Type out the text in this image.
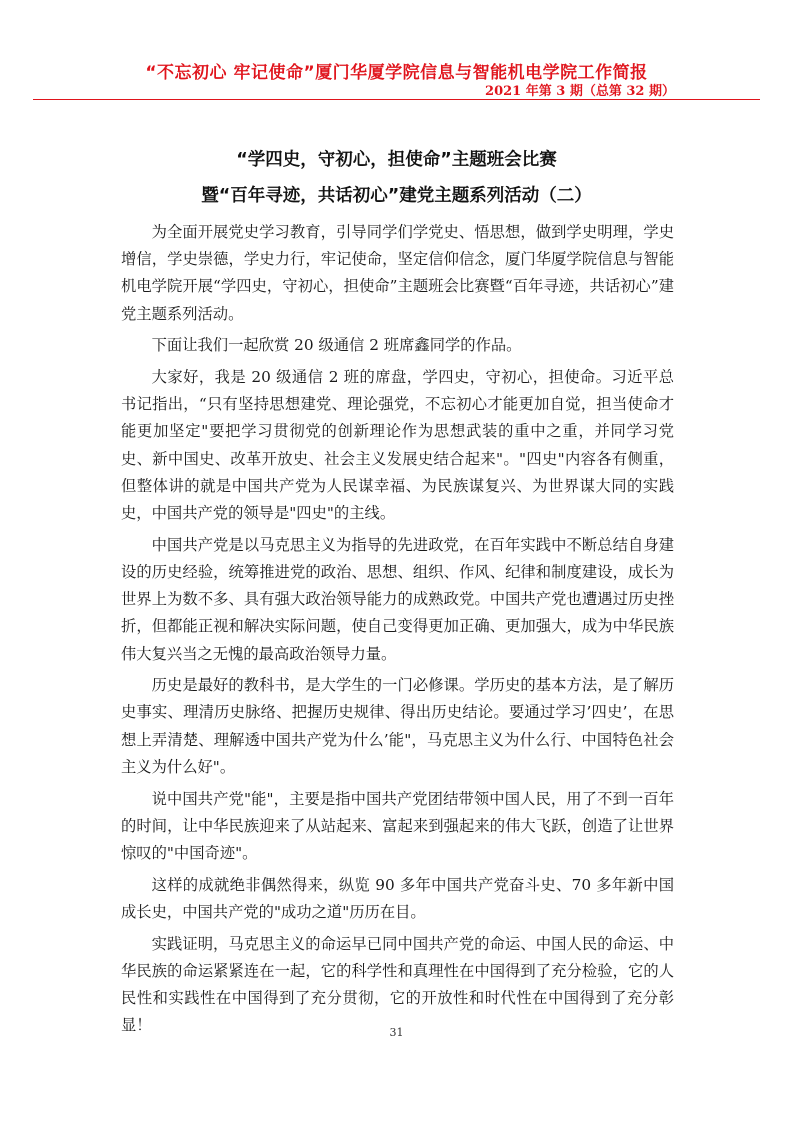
“不忘初心 牢记使命”厦门华厦学院信息与智能机电学院工作简报
2021 年第 3 期（总第 32 期）
“学四史，守初心，担使命”主题班会比赛
暨“百年寻迹，共话初心”建党主题系列活动（二）

为全面开展党史学习教育，引导同学们学党史、悟思想，做到学史明理，学史增信，学史崇德，学史力行，牢记使命，坚定信仰信念，厦门华厦学院信息与智能机电学院开展“学四史，守初心，担使命”主题班会比赛暨“百年寻迹，共话初心”建党主题系列活动。

下面让我们一起欣赏 20 级通信 2 班席鑫同学的作品。

大家好，我是 20 级通信 2 班的席盘，学四史，守初心，担使命。习近平总书记指出，“只有坚持思想建党、理论强党，不忘初心才能更加自觉，担当使命才能更加坚定"要把学习贯彻党的创新理论作为思想武装的重中之重，并同学习党史、新中国史、改革开放史、社会主义发展史结合起来"。"四史"内容各有侧重，但整体讲的就是中国共产党为人民谋幸福、为民族谋复兴、为世界谋大同的实践史，中国共产党的领导是"四史"的主线。

中国共产党是以马克思主义为指导的先进政党，在百年实践中不断总结自身建设的历史经验，统筹推进党的政治、思想、组织、作风、纪律和制度建设，成长为世界上为数不多、具有强大政治领导能力的成熟政党。中国共产党也遭遇过历史挫折，但都能正视和解决实际问题，使自己变得更加正确、更加强大，成为中华民族伟大复兴当之无愧的最高政治领导力量。

历史是最好的教科书，是大学生的一门必修课。学历史的基本方法，是了解历史事实、理清历史脉络、把握历史规律、得出历史结论。要通过学习’四史’，在思想上弄清楚、理解透中国共产党为什么’能"，马克思主义为什么行、中国特色社会主义为什么好"。

说中国共产党"能"，主要是指中国共产党团结带领中国人民，用了不到一百年的时间，让中华民族迎来了从站起来、富起来到强起来的伟大飞跃，创造了让世界惊叹的"中国奇迹"。

这样的成就绝非偶然得来，纵览 90 多年中国共产党奋斗史、70 多年新中国成长史，中国共产党的"成功之道"历历在目。

实践证明，马克思主义的命运早已同中国共产党的命运、中国人民的命运、中华民族的命运紧紧连在一起，它的科学性和真理性在中国得到了充分检验，它的人民性和实践性在中国得到了充分贯彻，它的开放性和时代性在中国得到了充分彰显！	31
